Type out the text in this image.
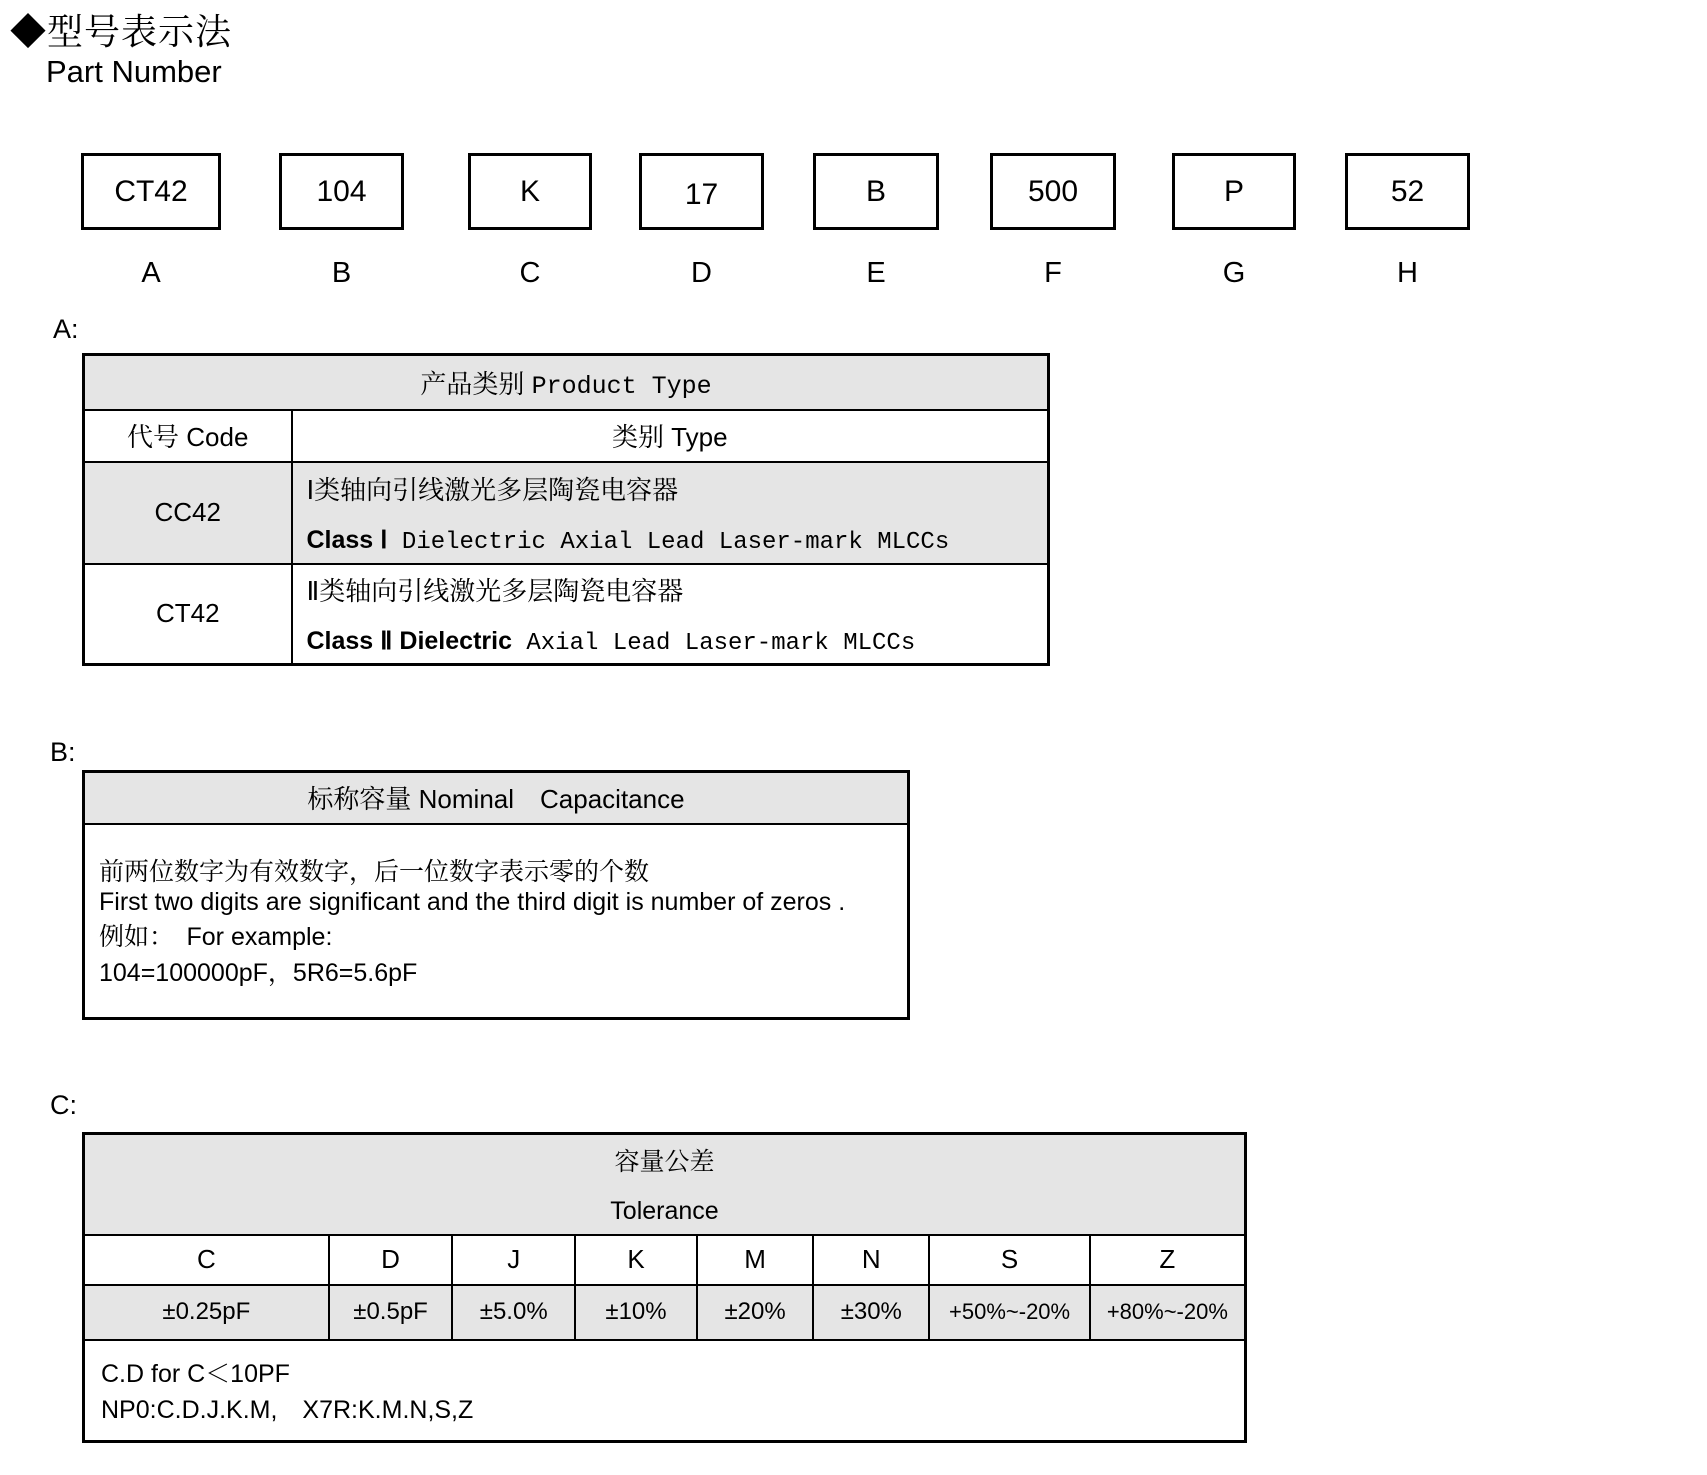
◆型号表示法
Part Number
CT42
A
104
B
K
C
17
D
B
E
500
F
P
G
52
H
A:
产品类别 Product Type	
代号 Code	类别 Type
CC42	Ⅰ类轴向引线激光多层陶瓷电容器
Class Ⅰ Dielectric Axial Lead Laser-mark MLCCs

CT42	Ⅱ类轴向引线激光多层陶瓷电容器
Class Ⅱ Dielectric Axial Lead Laser-mark MLCCs
B:
标称容量 Nominal　Capacitance

前两位数字为有效数字，后一位数字表示零的个数
First two digits are significant and the third digit is number of zeros .
例如：　For example:
104=100000pF，5R6=5.6pF
C:
容量公差
Tolerance							

C	D	J	K	M	N	S	Z
±0.25pF	±0.5pF	±5.0%	±10%	±20%	±30%	+50%~-20%	+80%~-20%

C.D for C＜10PF
NP0:C.D.J.K.M,　X7R:K.M.N,S,Z							
